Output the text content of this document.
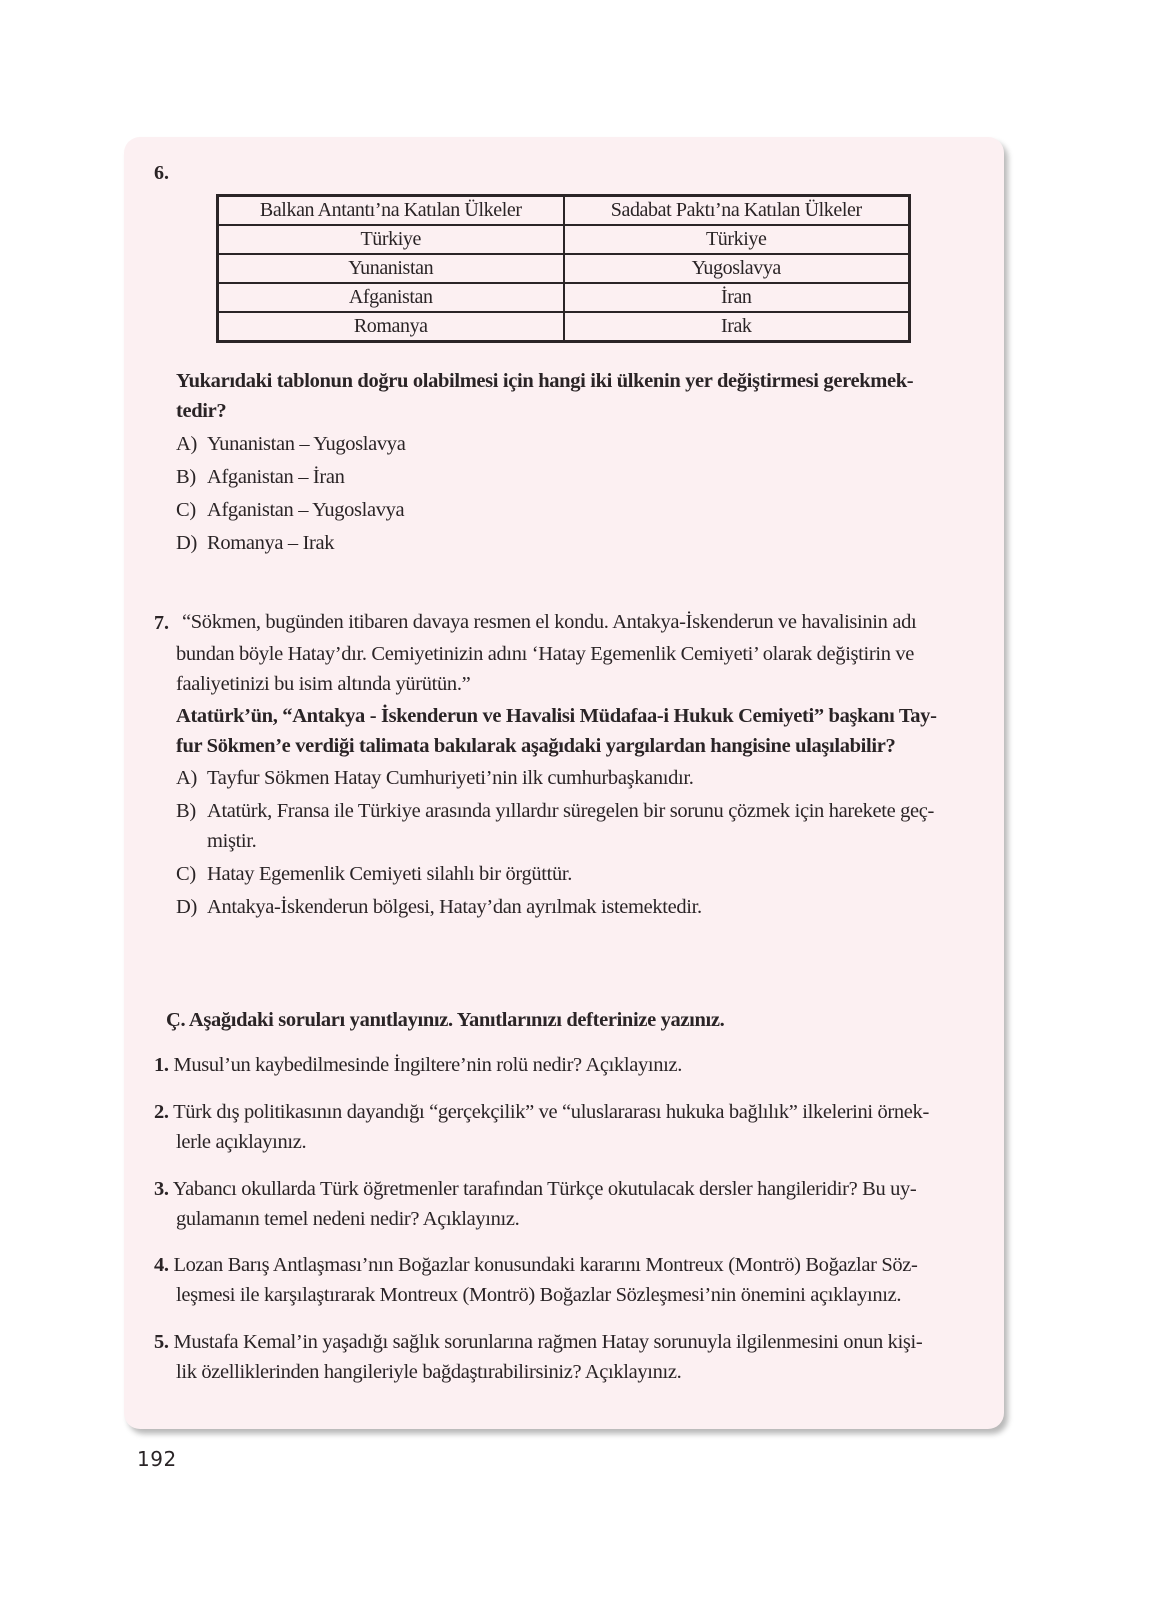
6.
Balkan Antantı’na Katılan Ülkeler	Sadabat Paktı’na Katılan Ülkeler
Türkiye	Türkiye
Yunanistan	Yugoslavya
Afganistan	İran
Romanya	Irak
Yukarıdaki tablonun doğru olabilmesi için hangi iki ülkenin yer değiştirmesi gerekmek-
tedir?
A) Yunanistan – Yugoslavya
B) Afganistan – İran
C) Afganistan – Yugoslavya
D) Romanya – Irak
7. “Sökmen, bugünden itibaren davaya resmen el kondu. Antakya-İskenderun ve havalisinin adı
bundan böyle Hatay’dır. Cemiyetinizin adını ‘Hatay Egemenlik Cemiyeti’ olarak değiştirin ve
faaliyetinizi bu isim altında yürütün.”
Atatürk’ün, “Antakya - İskenderun ve Havalisi Müdafaa-i Hukuk Cemiyeti” başkanı Tay-
fur Sökmen’e verdiği talimata bakılarak aşağıdaki yargılardan hangisine ulaşılabilir?
A) Tayfur Sökmen Hatay Cumhuriyeti’nin ilk cumhurbaşkanıdır.
B) Atatürk, Fransa ile Türkiye arasında yıllardır süregelen bir sorunu çözmek için harekete geç-
miştir.
C) Hatay Egemenlik Cemiyeti silahlı bir örgüttür.
D) Antakya-İskenderun bölgesi, Hatay’dan ayrılmak istemektedir.
Ç. Aşağıdaki soruları yanıtlayınız. Yanıtlarınızı defterinize yazınız.
1. Musul’un kaybedilmesinde İngiltere’nin rolü nedir? Açıklayınız.
2. Türk dış politikasının dayandığı “gerçekçilik” ve “uluslararası hukuka bağlılık” ilkelerini örnek-
lerle açıklayınız.
3. Yabancı okullarda Türk öğretmenler tarafından Türkçe okutulacak dersler hangileridir? Bu uy-
gulamanın temel nedeni nedir? Açıklayınız.
4. Lozan Barış Antlaşması’nın Boğazlar konusundaki kararını Montreux (Montrö) Boğazlar Söz-
leşmesi ile karşılaştırarak Montreux (Montrö) Boğazlar Sözleşmesi’nin önemini açıklayınız.
5. Mustafa Kemal’in yaşadığı sağlık sorunlarına rağmen Hatay sorunuyla ilgilenmesini onun kişi-
lik özelliklerinden hangileriyle bağdaştırabilirsiniz? Açıklayınız.
192
